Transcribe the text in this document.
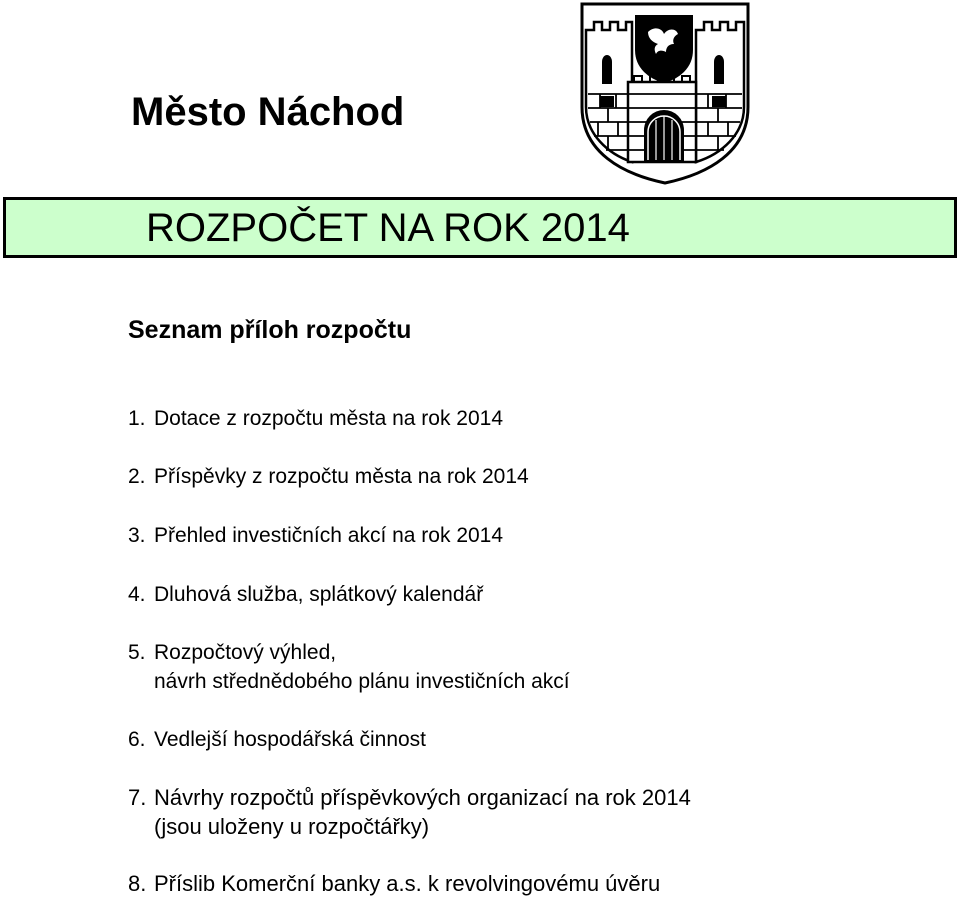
Město Náchod
ROZPOČET NA ROK 2014
Seznam příloh rozpočtu
1. Dotace z rozpočtu města na rok 2014
2. Příspěvky z rozpočtu města na rok 2014
3. Přehled investičních akcí na rok 2014
4. Dluhová služba, splátkový kalendář
5. Rozpočtový výhled,
návrh střednědobého plánu investičních akcí
6. Vedlejší hospodářská činnost
7. Návrhy rozpočtů příspěvkových organizací na rok 2014
(jsou uloženy u rozpočtářky)
8. Příslib Komerční banky a.s. k revolvingovému úvěru
